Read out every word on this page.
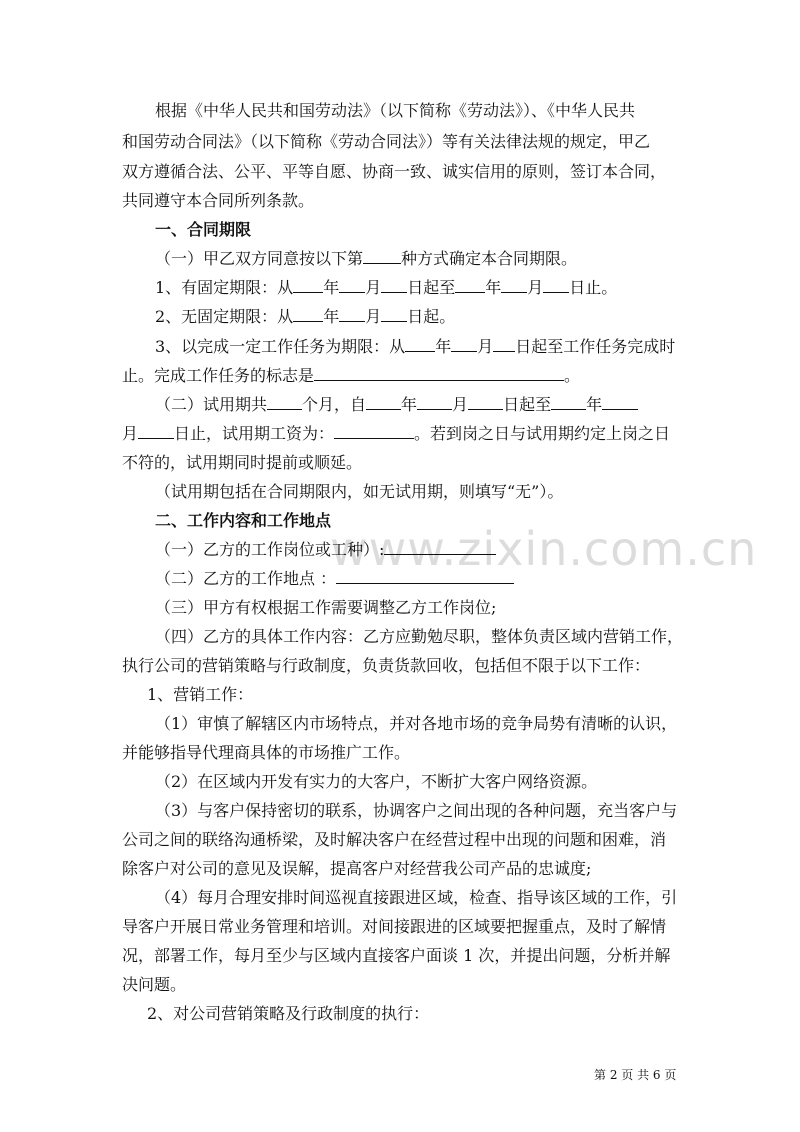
www.zixin.com.cn
根据《中华人民共和国劳动法》（以下简称《劳动法》）、《中华人民共
和国劳动合同法》（以下简称《劳动合同法》）等有关法律法规的规定，甲乙
双方遵循合法、公平、平等自愿、协商一致、诚实信用的原则，签订本合同，
共同遵守本合同所列条款。
一、合同期限
（一）甲乙双方同意按以下第 种方式确定本合同期限。
1、有固定期限：从 年 月 日起至 年 月 日止。
2、无固定期限：从 年 月 日起。
3、以完成一定工作任务为期限：从 年 月 日起至工作任务完成时
止。完成工作任务的标志是	。
（二）试用期共 个月，自 年 月 日起至 年
月 日止，试用期工资为：	。若到岗之日与试用期约定上岗之日
不符的，试用期同时提前或顺延。
（试用期包括在合同期限内，如无试用期，则填写“无”）。
二、工作内容和工作地点
（一）乙方的工作岗位或工种）:
（二）乙方的工作地点 ：
（三）甲方有权根据工作需要调整乙方工作岗位;
（四）乙方的具体工作内容：乙方应勤勉尽职，整体负责区域内营销工作，
执行公司的营销策略与行政制度，负责货款回收，包括但不限于以下工作：
1、营销工作：
（1）审慎了解辖区内市场特点，并对各地市场的竞争局势有清晰的认识，
并能够指导代理商具体的市场推广工作。
（2）在区域内开发有实力的大客户，不断扩大客户网络资源。
（3）与客户保持密切的联系，协调客户之间出现的各种问题，充当客户与
公司之间的联络沟通桥梁，及时解决客户在经营过程中出现的问题和困难，消
除客户对公司的意见及误解，提高客户对经营我公司产品的忠诚度;
（4）每月合理安排时间巡视直接跟进区域，检查、指导该区域的工作，引
导客户开展日常业务管理和培训。对间接跟进的区域要把握重点，及时了解情
况，部署工作，每月至少与区域内直接客户面谈 1 次，并提出问题，分析并解
决问题。
2、对公司营销策略及行政制度的执行：
第 2 页 共 6 页
